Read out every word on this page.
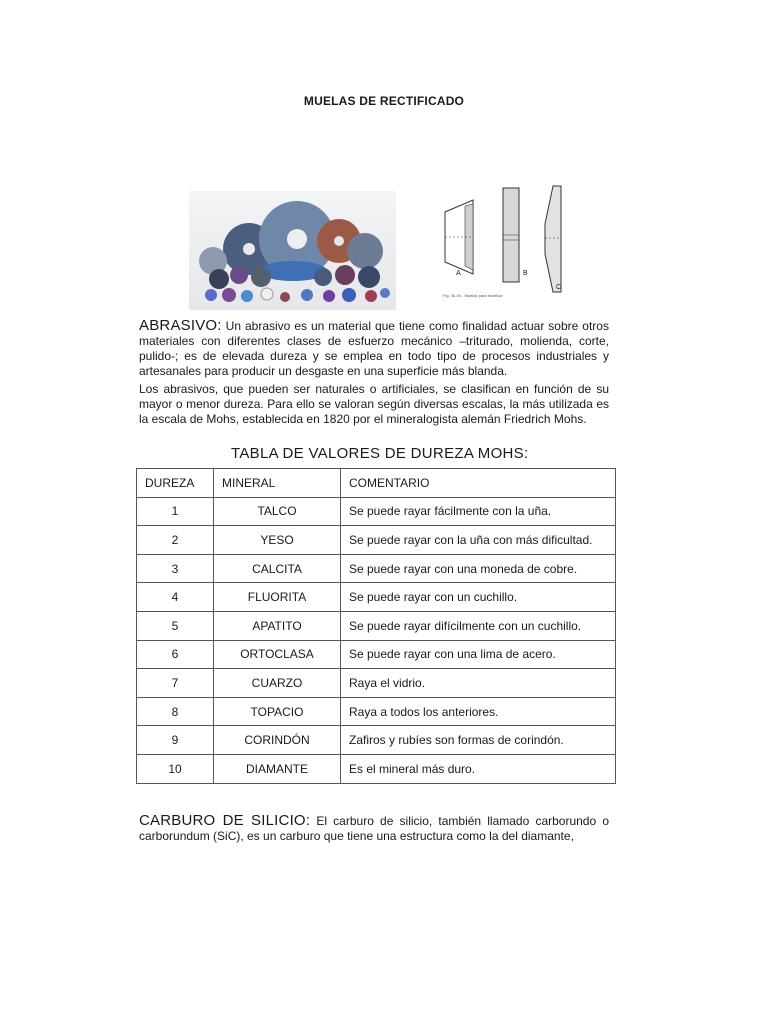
MUELAS DE RECTIFICADO
A	B
C
Fig. 36-40 - Muelas para rectificar
ABRASIVO: Un abrasivo es un material que tiene como finalidad actuar sobre otros materiales con diferentes clases de esfuerzo mecánico –triturado, molienda, corte, pulido-; es de elevada dureza y se emplea en todo tipo de procesos industriales y artesanales para producir un desgaste en una superficie más blanda.
Los abrasivos, que pueden ser naturales o artificiales, se clasifican en función de su mayor o menor dureza. Para ello se valoran según diversas escalas, la más utilizada es la escala de Mohs, establecida en 1820 por el mineralogista alemán Friedrich Mohs.
TABLA DE VALORES DE DUREZA MOHS:
DUREZA	MINERAL	COMENTARIO
1	TALCO	Se puede rayar fácilmente con la uña.
2	YESO	Se puede rayar con la uña con más dificultad.
3	CALCITA	Se puede rayar con una moneda de cobre.
4	FLUORITA	Se puede rayar con un cuchillo.
5	APATITO	Se puede rayar difícilmente con un cuchillo.
6	ORTOCLASA	Se puede rayar con una lima de acero.
7	CUARZO	Raya el vidrio.
8	TOPACIO	Raya a todos los anteriores.
9	CORINDÓN	Zafiros y rubíes son formas de corindón.
10	DIAMANTE	Es el mineral más duro.
CARBURO DE SILICIO: El carburo de silicio, también llamado carborundo o carborundum (SiC), es un carburo que tiene una estructura como la del diamante,
